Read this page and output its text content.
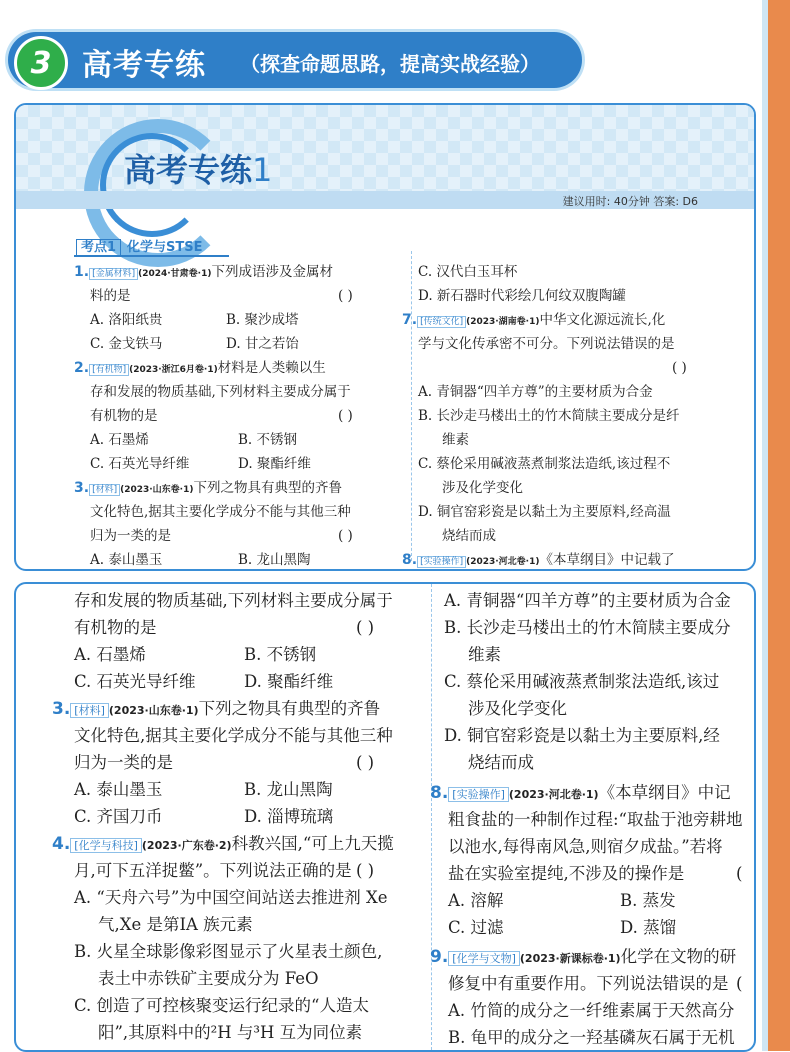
3	高考专练 （探查命题思路，提高实战经验）
高考专练1
建议用时: 40分钟 答案: D6
考点1 化学与STSE
1. [金属材料] (2024·甘肃卷·1)下列成语涉及金属材
料的是	( )
A. 洛阳纸贵	B. 聚沙成塔
C. 金戈铁马	D. 甘之若饴
2. [有机物] (2023·浙江6月卷·1)材料是人类赖以生
存和发展的物质基础,下列材料主要成分属于
有机物的是	( )
A. 石墨烯	B. 不锈钢
C. 石英光导纤维	D. 聚酯纤维
3. [材料] (2023·山东卷·1)下列之物具有典型的齐鲁
文化特色,据其主要化学成分不能与其他三种
归为一类的是	( )
A. 泰山墨玉	B. 龙山黑陶
C. 汉代白玉耳杯
D. 新石器时代彩绘几何纹双腹陶罐
7. [传统文化] (2023·湖南卷·1)中华文化源远流长,化
学与文化传承密不可分。下列说法错误的是
( )
A. 青铜器“四羊方尊”的主要材质为合金
B. 长沙走马楼出土的竹木简牍主要成分是纤
维素
C. 蔡伦采用碱液蒸煮制浆法造纸,该过程不
涉及化学变化
D. 铜官窑彩瓷是以黏土为主要原料,经高温
烧结而成
8. [实验操作] (2023·河北卷·1)《本草纲目》中记载了
存和发展的物质基础,下列材料主要成分属于
有机物的是	( )
A. 石墨烯	B. 不锈钢
C. 石英光导纤维	D. 聚酯纤维
3. [材料] (2023·山东卷·1)下列之物具有典型的齐鲁
文化特色,据其主要化学成分不能与其他三种
归为一类的是	( )
A. 泰山墨玉	B. 龙山黑陶
C. 齐国刀币	D. 淄博琉璃
4. [化学与科技] (2023·广东卷·2)科教兴国,“可上九天揽
月,可下五洋捉鳖”。下列说法正确的是 ( )
A. “天舟六号”为中国空间站送去推进剂 Xe
气,Xe 是第ⅠA 族元素
B. 火星全球影像彩图显示了火星表土颜色,
表土中赤铁矿主要成分为 FeO
C. 创造了可控核聚变运行纪录的“人造太
阳”,其原料中的²H 与³H 互为同位素
A. 青铜器“四羊方尊”的主要材质为合金
B. 长沙走马楼出土的竹木简牍主要成分
维素
C. 蔡伦采用碱液蒸煮制浆法造纸,该过
涉及化学变化
D. 铜官窑彩瓷是以黏土为主要原料,经
烧结而成
8. [实验操作] (2023·河北卷·1)《本草纲目》中记
粗食盐的一种制作过程:“取盐于池旁耕地
以池水,每得南风急,则宿夕成盐。”若将
盐在实验室提纯,不涉及的操作是	(
A. 溶解	B. 蒸发
C. 过滤	D. 蒸馏
9. [化学与文物] (2023·新课标卷·1)化学在文物的研
修复中有重要作用。下列说法错误的是 (
A. 竹简的成分之一纤维素属于天然高分
B. 龟甲的成分之一羟基磷灰石属于无机
